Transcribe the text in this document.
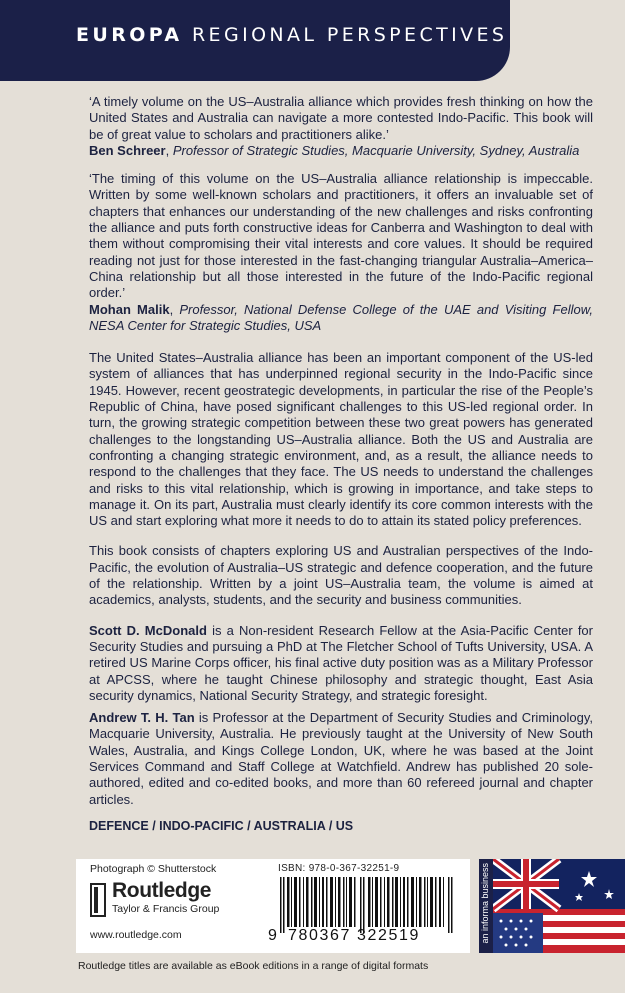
EUROPA REGIONAL PERSPECTIVES

‘A timely volume on the US–Australia alliance which provides fresh thinking on how the United States and Australia can navigate a more contested Indo-Pacific. This book will be of great value to scholars and practitioners alike.’
Ben Schreer, Professor of Strategic Studies, Macquarie University, Sydney, Australia

‘The timing of this volume on the US–Australia alliance relationship is impeccable. Written by some well-known scholars and practitioners, it offers an invaluable set of chapters that enhances our understanding of the new challenges and risks confronting the alliance and puts forth constructive ideas for Canberra and Washington to deal with them without compromising their vital interests and core values. It should be required reading not just for those interested in the fast-changing triangular Australia–America–China relationship but all those interested in the future of the Indo-Pacific regional order.’
Mohan Malik, Professor, National Defense College of the UAE and Visiting Fellow, NESA Center for Strategic Studies, USA

The United States–Australia alliance has been an important component of the US-led system of alliances that has underpinned regional security in the Indo-Pacific since 1945. However, recent geostrategic developments, in particular the rise of the People’s Republic of China, have posed significant challenges to this US-led regional order. In turn, the growing strategic competition between these two great powers has generated challenges to the longstanding US–Australia alliance. Both the US and Australia are confronting a changing strategic environment, and, as a result, the alliance needs to respond to the challenges that they face. The US needs to understand the challenges and risks to this vital relationship, which is growing in importance, and take steps to manage it. On its part, Australia must clearly identify its core common interests with the US and start exploring what more it needs to do to attain its stated policy preferences.

This book consists of chapters exploring US and Australian perspectives of the Indo-Pacific, the evolution of Australia–US strategic and defence cooperation, and the future of the relationship. Written by a joint US–Australia team, the volume is aimed at academics, analysts, students, and the security and business communities.

Scott D. McDonald is a Non-resident Research Fellow at the Asia-Pacific Center for Security Studies and pursuing a PhD at The Fletcher School of Tufts University, USA. A retired US Marine Corps officer, his final active duty position was as a Military Professor at APCSS, where he taught Chinese philosophy and strategic thought, East Asia security dynamics, National Security Strategy, and strategic foresight.

Andrew T. H. Tan is Professor at the Department of Security Studies and Criminology, Macquarie University, Australia. He previously taught at the University of New South Wales, Australia, and Kings College London, UK, where he was based at the Joint Services Command and Staff College at Watchfield. Andrew has published 20 sole-authored, edited and co-edited books, and more than 60 refereed journal and chapter articles.

DEFENCE / INDO-PACIFIC / AUSTRALIA / US

Photograph © Shutterstock
Routledge
Taylor & Francis Group
www.routledge.com
ISBN: 978-0-367-32251-9
9 780367 322519	an informa business
Routledge titles are available as eBook editions in a range of digital formats
